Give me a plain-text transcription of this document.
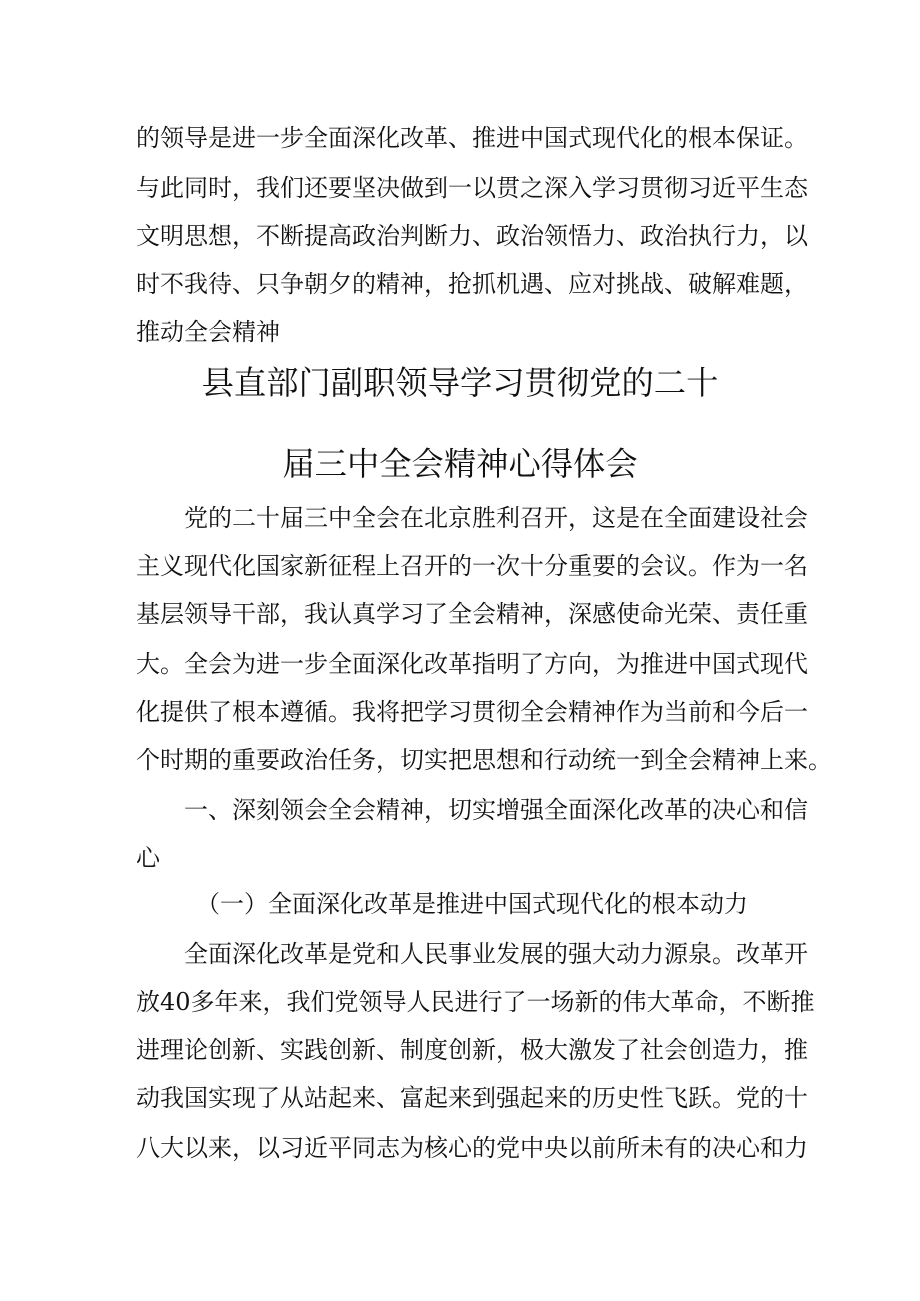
的领导是进一步全面深化改革、推进中国式现代化的根本保证。
与此同时，我们还要坚决做到一以贯之深入学习贯彻习近平生态
文明思想，不断提高政治判断力、政治领悟力、政治执行力，以
时不我待、只争朝夕的精神，抢抓机遇、应对挑战、破解难题，
推动全会精神
县直部门副职领导学习贯彻党的二十
届三中全会精神心得体会
党的二十届三中全会在北京胜利召开，这是在全面建设社会
主义现代化国家新征程上召开的一次十分重要的会议。作为一名
基层领导干部，我认真学习了全会精神，深感使命光荣、责任重
大。全会为进一步全面深化改革指明了方向，为推进中国式现代
化提供了根本遵循。我将把学习贯彻全会精神作为当前和今后一
个时期的重要政治任务，切实把思想和行动统一到全会精神上来。
一、深刻领会全会精神，切实增强全面深化改革的决心和信
心
（一）全面深化改革是推进中国式现代化的根本动力
全面深化改革是党和人民事业发展的强大动力源泉。改革开
放40多年来，我们党领导人民进行了一场新的伟大革命，不断推
进理论创新、实践创新、制度创新，极大激发了社会创造力，推
动我国实现了从站起来、富起来到强起来的历史性飞跃。党的十
八大以来，以习近平同志为核心的党中央以前所未有的决心和力
